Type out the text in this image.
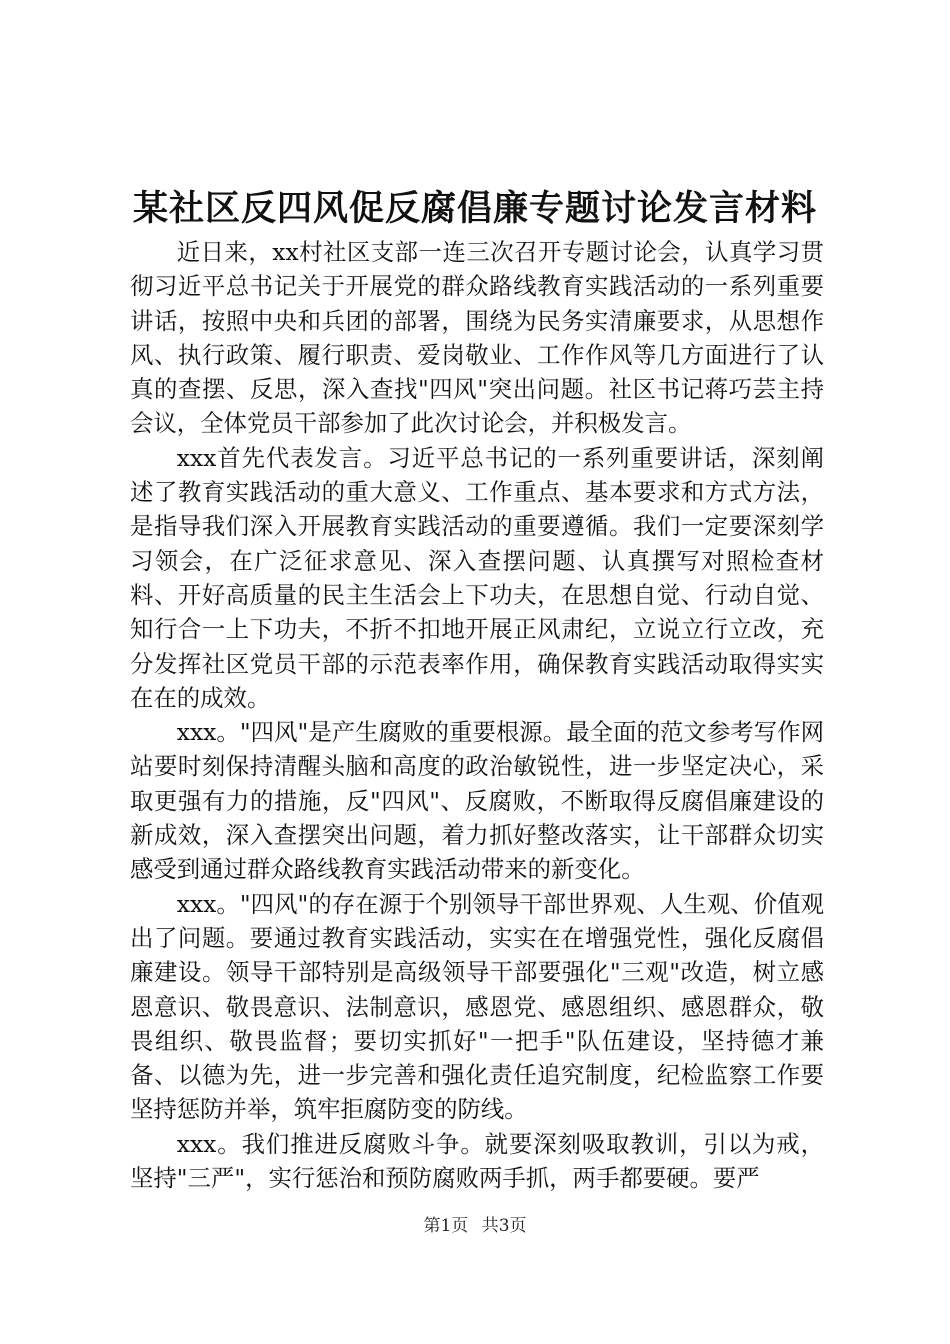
某社区反四风促反腐倡廉专题讨论发言材料

近日来，xx村社区支部一连三次召开专题讨论会，认真学习贯彻习近平总书记关于开展党的群众路线教育实践活动的一系列重要讲话，按照中央和兵团的部署，围绕为民务实清廉要求，从思想作风、执行政策、履行职责、爱岗敬业、工作作风等几方面进行了认真的查摆、反思，深入查找"四风"突出问题。社区书记蒋巧芸主持会议，全体党员干部参加了此次讨论会，并积极发言。

xxx首先代表发言。习近平总书记的一系列重要讲话，深刻阐述了教育实践活动的重大意义、工作重点、基本要求和方式方法，是指导我们深入开展教育实践活动的重要遵循。我们一定要深刻学习领会，在广泛征求意见、深入查摆问题、认真撰写对照检查材料、开好高质量的民主生活会上下功夫，在思想自觉、行动自觉、知行合一上下功夫，不折不扣地开展正风肃纪，立说立行立改，充分发挥社区党员干部的示范表率作用，确保教育实践活动取得实实在在的成效。

xxx。"四风"是产生腐败的重要根源。最全面的范文参考写作网站要时刻保持清醒头脑和高度的政治敏锐性，进一步坚定决心，采取更强有力的措施，反"四风"、反腐败，不断取得反腐倡廉建设的新成效，深入查摆突出问题，着力抓好整改落实，让干部群众切实感受到通过群众路线教育实践活动带来的新变化。

xxx。"四风"的存在源于个别领导干部世界观、人生观、价值观出了问题。要通过教育实践活动，实实在在增强党性，强化反腐倡廉建设。领导干部特别是高级领导干部要强化"三观"改造，树立感恩意识、敬畏意识、法制意识，感恩党、感恩组织、感恩群众，敬畏组织、敬畏监督；要切实抓好"一把手"队伍建设，坚持德才兼备、以德为先，进一步完善和强化责任追究制度，纪检监察工作要坚持惩防并举，筑牢拒腐防变的防线。

xxx。我们推进反腐败斗争。就要深刻吸取教训，引以为戒，坚持"三严"，实行惩治和预防腐败两手抓，两手都要硬。要严

第1页 共3页
